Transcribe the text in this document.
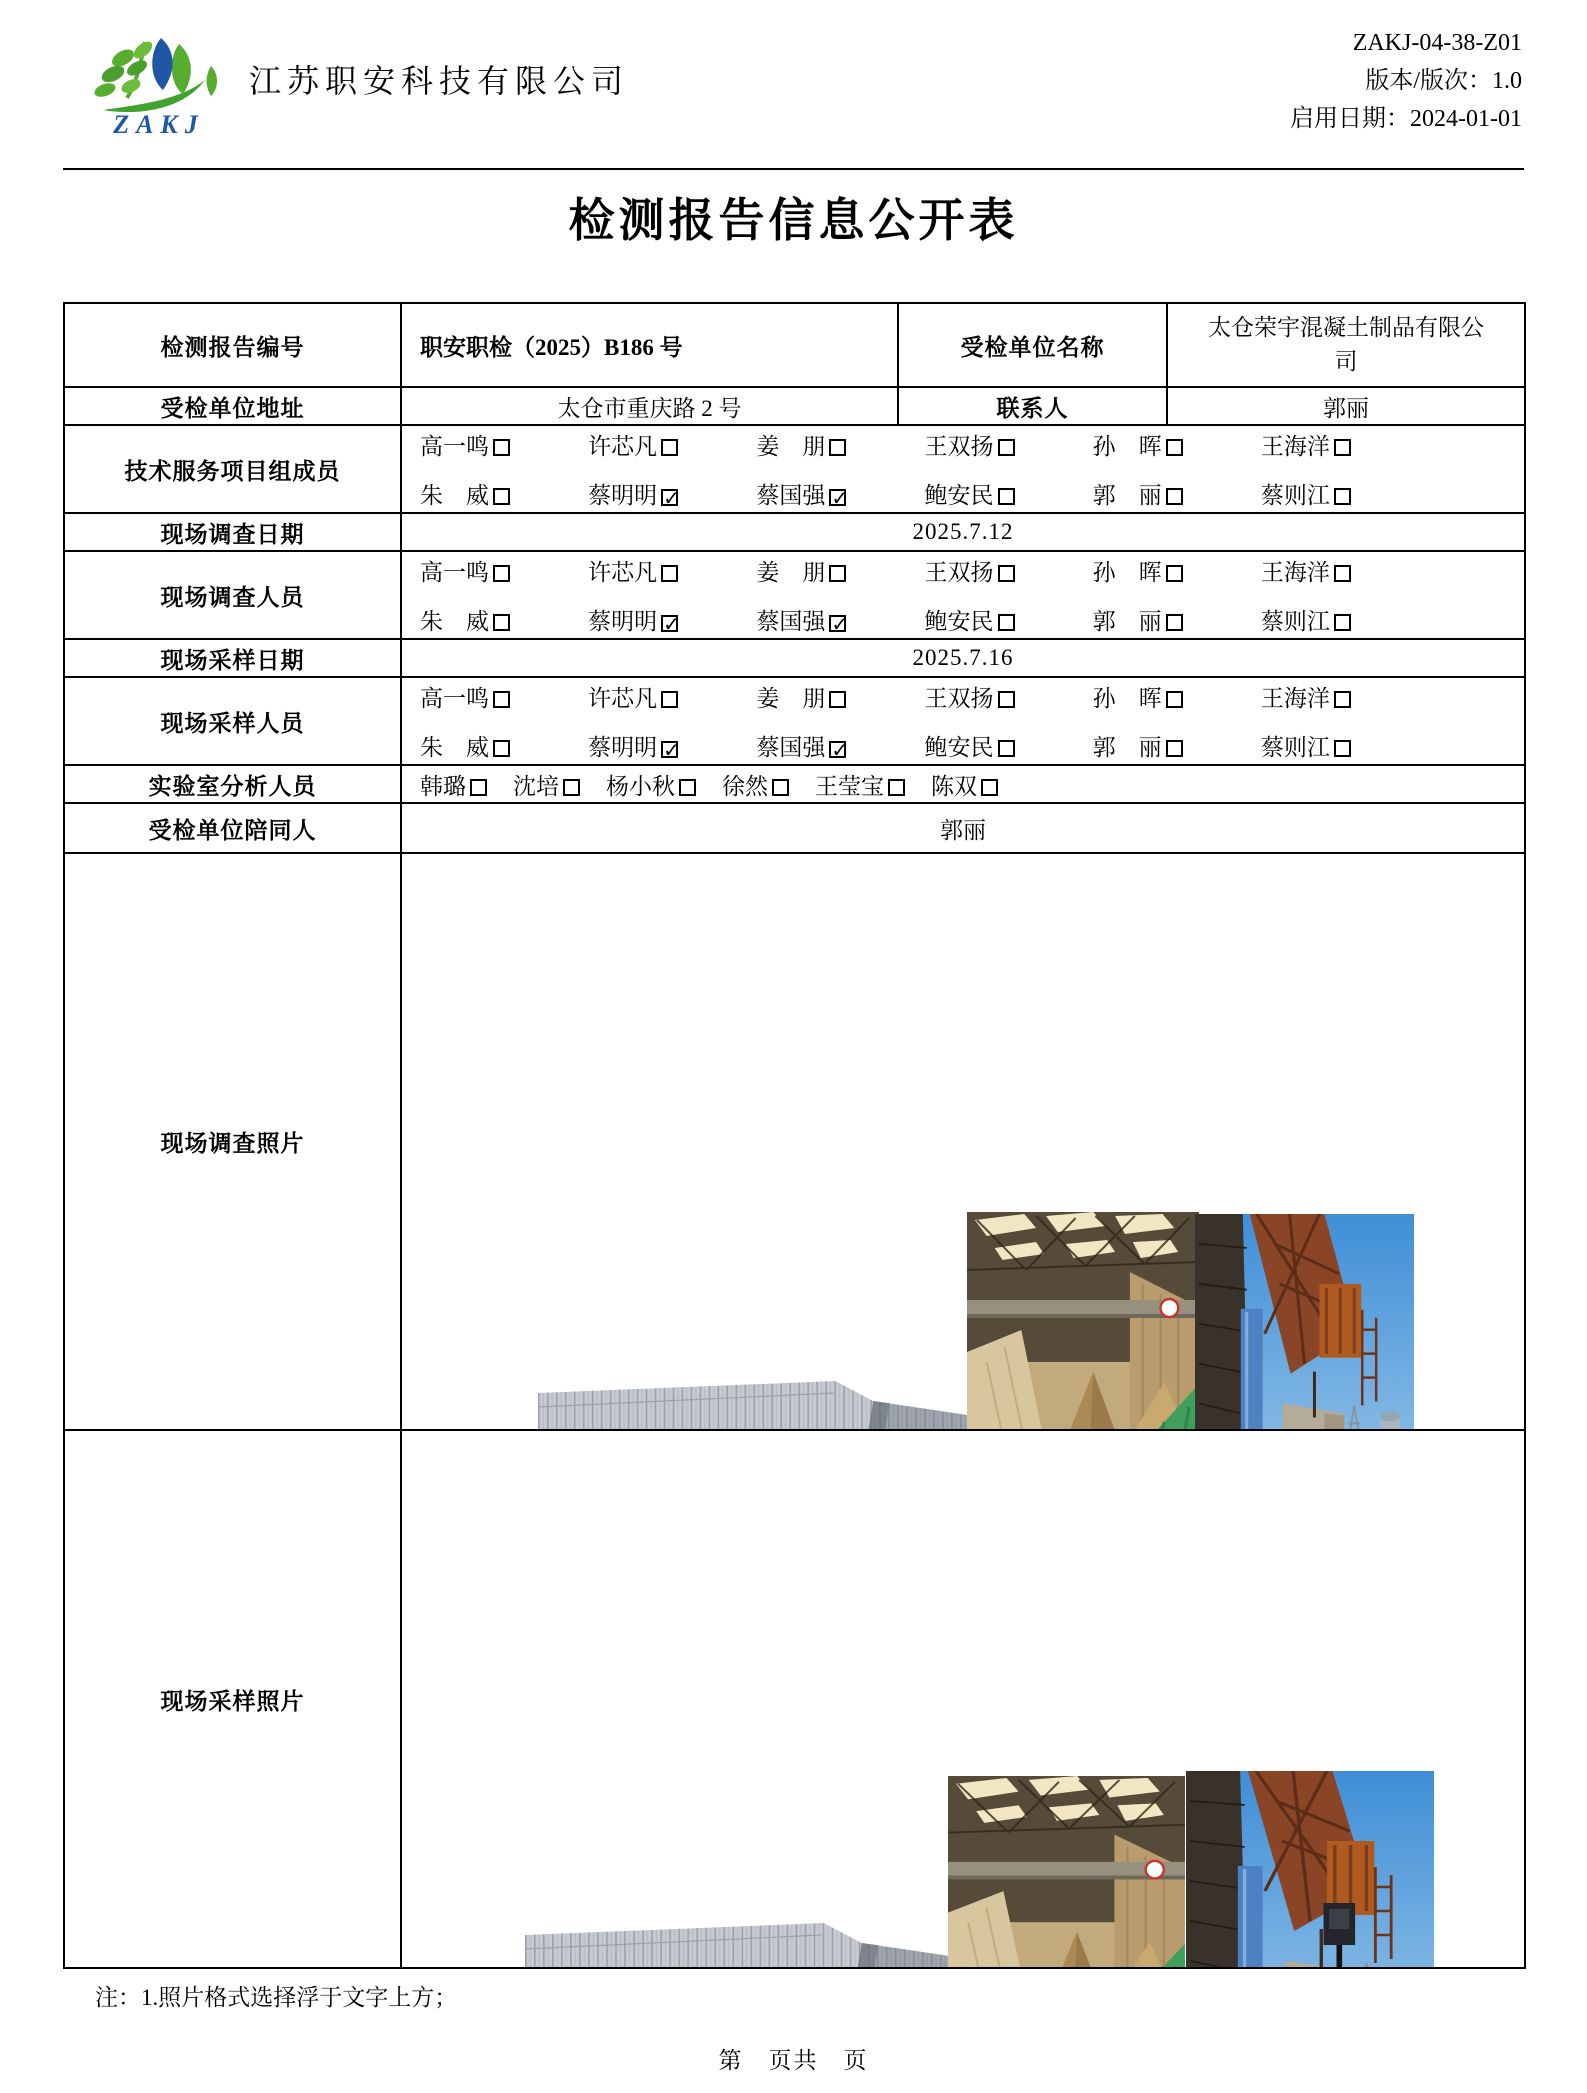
ZAKJ
江苏职安科技有限公司
ZAKJ-04-38-Z01
版本/版次：1.0
启用日期：2024-01-01
检测报告信息公开表
检测报告编号	职安职检（2025）B186 号	受检单位名称	太仓荣宇混凝土制品有限公司
受检单位地址	太仓市重庆路 2 号	联系人	郭丽
技术服务项目组成员	
高一鸣	许芯凡	姜　朋	王双扬	孙　晖	王海洋
朱　威	蔡明明 ✓	蔡国强 ✓	鲍安民	郭　丽	蔡则江

现场调查日期	2025.7.12		
现场调查人员	
高一鸣	许芯凡	姜　朋	王双扬	孙　晖	王海洋
朱　威	蔡明明 ✓	蔡国强 ✓	鲍安民	郭　丽	蔡则江

现场采样日期	2025.7.16		
现场采样人员	
高一鸣	许芯凡	姜　朋	王双扬	孙　晖	王海洋
朱　威	蔡明明 ✓	蔡国强 ✓	鲍安民	郭　丽	蔡则江

实验室分析人员	韩璐	沈培	杨小秋	徐然	王莹宝	陈双

受检单位陪同人	郭丽		
现场调查照片	

现场采样照片	
注：1.照片格式选择浮于文字上方；
第　页共　页
